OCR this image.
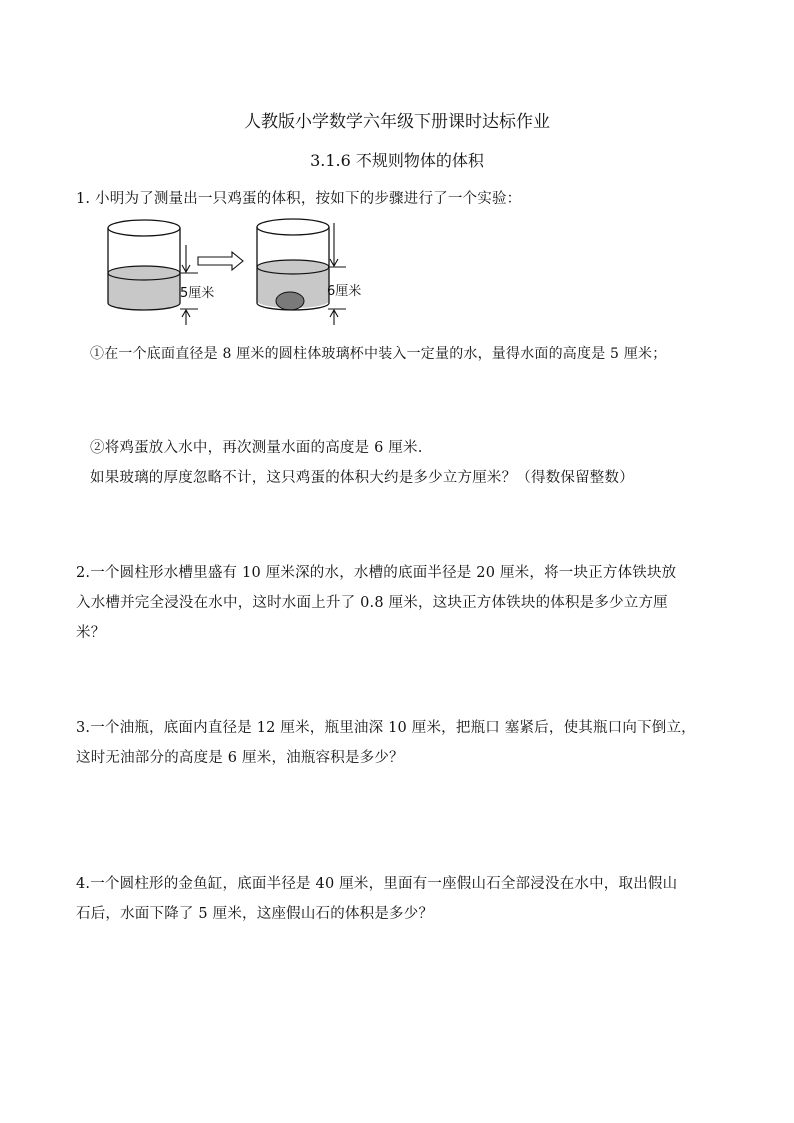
人教版小学数学六年级下册课时达标作业
3.1.6 不规则物体的体积
1. 小明为了测量出一只鸡蛋的体积，按如下的步骤进行了一个实验：
5厘米	6厘米
①在一个底面直径是 8 厘米的圆柱体玻璃杯中装入一定量的水，量得水面的高度是 5 厘米；
②将鸡蛋放入水中，再次测量水面的高度是 6 厘米.
如果玻璃的厚度忽略不计，这只鸡蛋的体积大约是多少立方厘米？（得数保留整数）
2.一个圆柱形水槽里盛有 10 厘米深的水，水槽的底面半径是 20 厘米，将一块正方体铁块放
入水槽并完全浸没在水中，这时水面上升了 0.8 厘米，这块正方体铁块的体积是多少立方厘
米？
3.一个油瓶，底面内直径是 12 厘米，瓶里油深 10 厘米，把瓶口 塞紧后，使其瓶口向下倒立，
这时无油部分的高度是 6 厘米，油瓶容积是多少？
4.一个圆柱形的金鱼缸，底面半径是 40 厘米，里面有一座假山石全部浸没在水中，取出假山
石后，水面下降了 5 厘米，这座假山石的体积是多少？
